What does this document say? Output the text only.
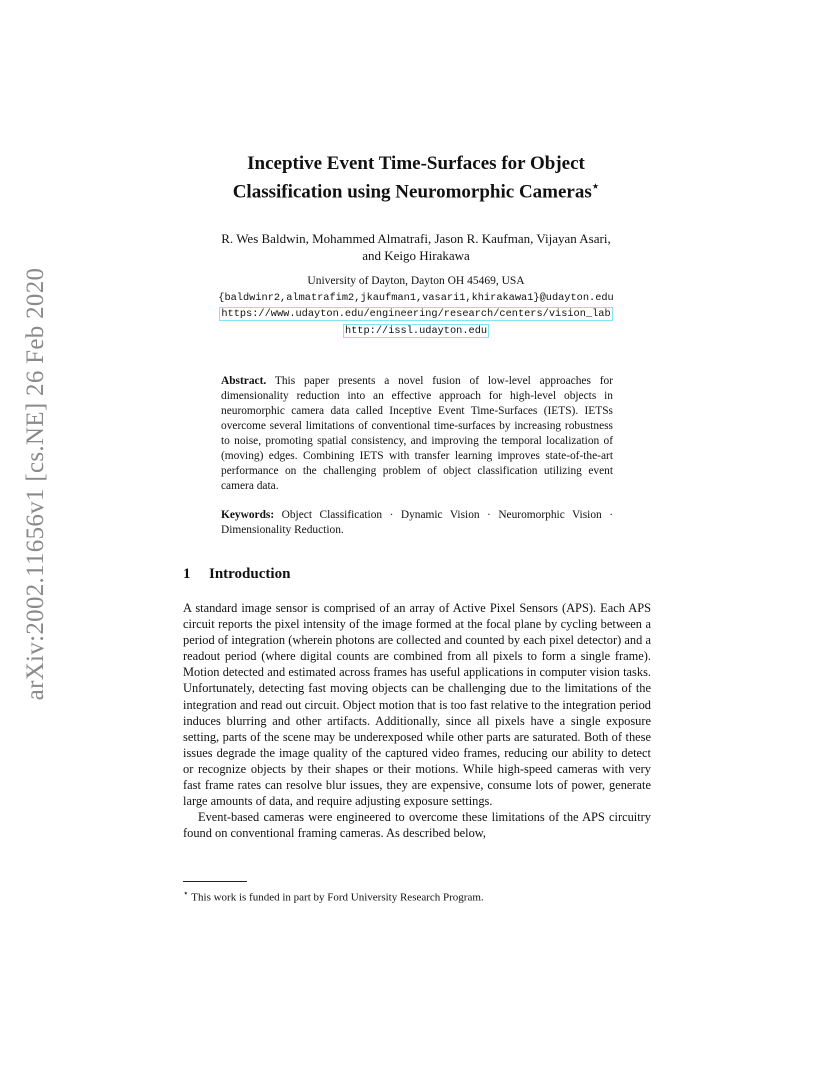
arXiv:2002.11656v1 [cs.NE] 26 Feb 2020
Inceptive Event Time-Surfaces for Object
Classification using Neuromorphic Cameras⋆
R. Wes Baldwin, Mohammed Almatrafi, Jason R. Kaufman, Vijayan Asari,
and Keigo Hirakawa
University of Dayton, Dayton OH 45469, USA
{baldwinr2,almatrafim2,jkaufman1,vasari1,khirakawa1}@udayton.edu
https://www.udayton.edu/engineering/research/centers/vision_lab
http://issl.udayton.edu
Abstract. This paper presents a novel fusion of low-level approaches for dimensionality reduction into an effective approach for high-level objects in neuromorphic camera data called Inceptive Event Time-Surfaces (IETS). IETSs overcome several limitations of conventional time-surfaces by increasing robustness to noise, promoting spatial consistency, and improving the temporal localization of (moving) edges. Combining IETS with transfer learning improves state-of-the-art performance on the challenging problem of object classification utilizing event camera data.
Keywords: Object Classification · Dynamic Vision · Neuromorphic Vision · Dimensionality Reduction.
1 Introduction

A standard image sensor is comprised of an array of Active Pixel Sensors (APS). Each APS circuit reports the pixel intensity of the image formed at the focal plane by cycling between a period of integration (wherein photons are collected and counted by each pixel detector) and a readout period (where digital counts are combined from all pixels to form a single frame). Motion detected and estimated across frames has useful applications in computer vision tasks. Unfortunately, detecting fast moving objects can be challenging due to the limitations of the integration and read out circuit. Object motion that is too fast relative to the integration period induces blurring and other artifacts. Additionally, since all pixels have a single exposure setting, parts of the scene may be underexposed while other parts are saturated. Both of these issues degrade the image quality of the captured video frames, reducing our ability to detect or recognize objects by their shapes or their motions. While high-speed cameras with very fast frame rates can resolve blur issues, they are expensive, consume lots of power, generate large amounts of data, and require adjusting exposure settings.

Event-based cameras were engineered to overcome these limitations of the APS circuitry found on conventional framing cameras. As described below,

⋆ This work is funded in part by Ford University Research Program.
